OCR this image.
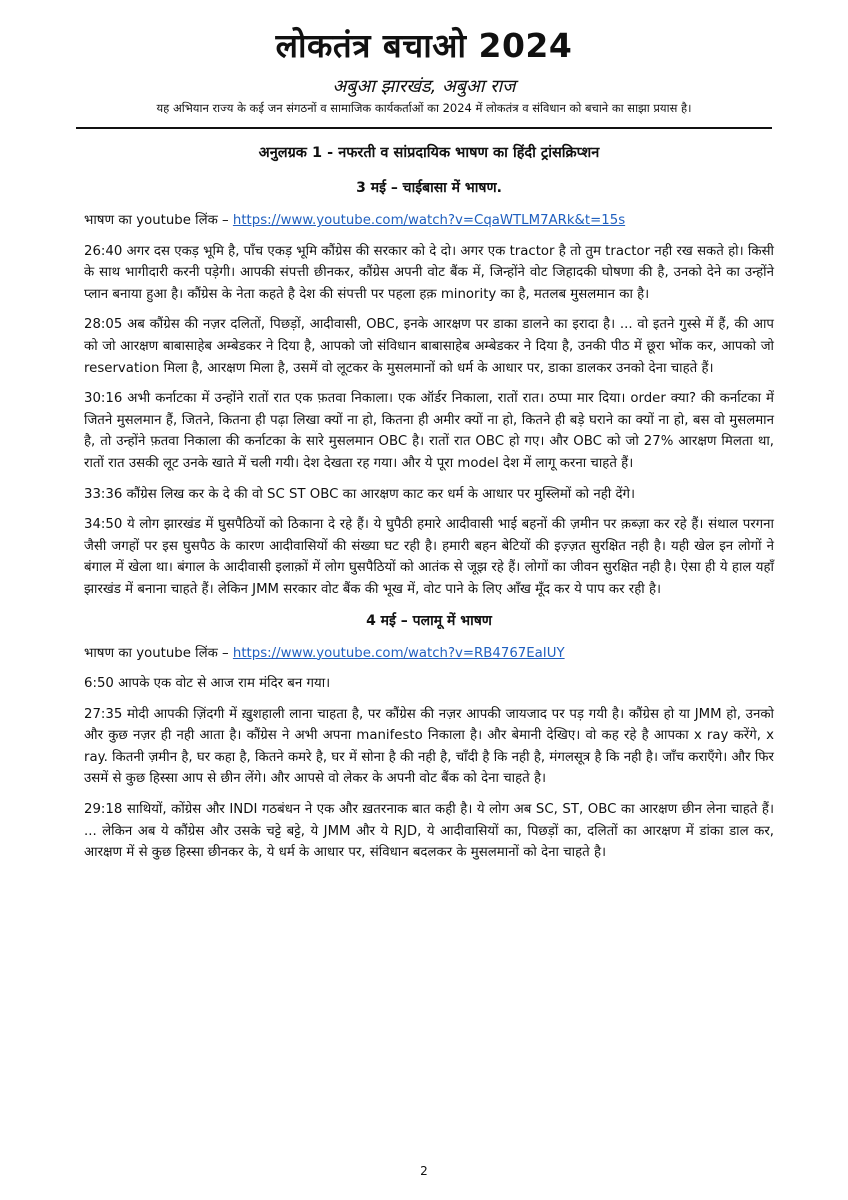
लोकतंत्र बचाओ 2024
अबुआ झारखंड, अबुआ राज
यह अभियान राज्य के कई जन संगठनों व सामाजिक कार्यकर्ताओं का 2024 में लोकतंत्र व संविधान को बचाने का साझा प्रयास है।
अनुलग्रक 1 - नफरती व सांप्रदायिक भाषण का हिंदी ट्रांसक्रिप्शन
3 मई – चाईबासा में भाषण.
भाषण का youtube लिंक – https://www.youtube.com/watch?v=CqaWTLM7ARk&t=15s

26:40 अगर दस एकड़ भूमि है, पाँच एकड़ भूमि कौंग्रेस की सरकार को दे दो। अगर एक tractor है तो तुम tractor नही रख सकते हो। किसी के साथ भागीदारी करनी पड़ेगी। आपकी संपत्ती छीनकर, कौंग्रेस अपनी वोट बैंक में, जिन्होंने वोट जिहादकी घोषणा की है, उनको देने का उन्होंने प्लान बनाया हुआ है। कौंग्रेस के नेता कहते है देश की संपत्ती पर पहला हक़ minority का है, मतलब मुसलमान का है।

28:05 अब कौंग्रेस की नज़र दलितों, पिछड़ों, आदीवासी, OBC, इनके आरक्षण पर डाका डालने का इरादा है। ... वो इतने गुस्से में हैं, की आप को जो आरक्षण बाबासाहेब अम्बेडकर ने दिया है, आपको जो संविधान बाबासाहेब अम्बेडकर ने दिया है, उनकी पीठ में छूरा भोंक कर, आपको जो reservation मिला है, आरक्षण मिला है, उसमें वो लूटकर के मुसलमानों को धर्म के आधार पर, डाका डालकर उनको देना चाहते हैं।

30:16 अभी कर्नाटका में उन्होंने रातों रात एक फ़तवा निकाला। एक ऑर्डर निकाला, रातों रात। ठप्पा मार दिया। order क्या? की कर्नाटका में जितने मुसलमान हैं, जितने, कितना ही पढ़ा लिखा क्यों ना हो, कितना ही अमीर क्यों ना हो, कितने ही बड़े घराने का क्यों ना हो, बस वो मुसलमान है, तो उन्होंने फ़तवा निकाला की कर्नाटका के सारे मुसलमान OBC है। रातों रात OBC हो गए। और OBC को जो 27% आरक्षण मिलता था, रातों रात उसकी लूट उनके खाते में चली गयी। देश देखता रह गया। और ये पूरा model देश में लागू करना चाहते हैं।

33:36 कौंग्रेस लिख कर के दे की वो SC ST OBC का आरक्षण काट कर धर्म के आधार पर मुस्लिमों को नही देंगे।

34:50 ये लोग झारखंड में घुसपैठियों को ठिकाना दे रहे हैं। ये घुपैठी हमारे आदीवासी भाई बहनों की ज़मीन पर क़ब्ज़ा कर रहे हैं। संथाल परगना जैसी जगहों पर इस घुसपैठ के कारण आदीवासियों की संख्या घट रही है। हमारी बहन बेटियों की इज़्ज़त सुरक्षित नही है। यही खेल इन लोगों ने बंगाल में खेला था। बंगाल के आदीवासी इलाक़ों में लोग घुसपैठियों को आतंक से जूझ रहे हैं। लोगों का जीवन सुरक्षित नही है। ऐसा ही ये हाल यहाँ झारखंड में बनाना चाहते हैं। लेकिन JMM सरकार वोट बैंक की भूख में, वोट पाने के लिए आँख मूँद कर ये पाप कर रही है।

4 मई – पलामू में भाषण
भाषण का youtube लिंक – https://www.youtube.com/watch?v=RB4767EaIUY

6:50 आपके एक वोट से आज राम मंदिर बन गया।

27:35 मोदी आपकी ज़िंदगी में ख़ुशहाली लाना चाहता है, पर कौंग्रेस की नज़र आपकी जायजाद पर पड़ गयी है। कौंग्रेस हो या JMM हो, उनको और कुछ नज़र ही नही आता है। कौंग्रेस ने अभी अपना manifesto निकाला है। और बेमानी देखिए। वो कह रहे है आपका x ray करेंगे, x ray. कितनी ज़मीन है, घर कहा है, कितने कमरे है, घर में सोना है की नही है, चाँदी है कि नही है, मंगलसूत्र है कि नही है। जाँच कराएँगे। और फिर उसमें से कुछ हिस्सा आप से छीन लेंगे। और आपसे वो लेकर के अपनी वोट बैंक को देना चाहते है।

29:18 साथियों, कोंग्रेस और INDI गठबंधन ने एक और ख़तरनाक बात कही है। ये लोग अब SC, ST, OBC का आरक्षण छीन लेना चाहते हैं। ... लेकिन अब ये कौंग्रेस और उसके चट्टे बट्टे, ये JMM और ये RJD, ये आदीवासियों का, पिछड़ों का, दलितों का आरक्षण में डांका डाल कर, आरक्षण में से कुछ हिस्सा छीनकर के, ये धर्म के आधार पर, संविधान बदलकर के मुसलमानों को देना चाहते है।

2
